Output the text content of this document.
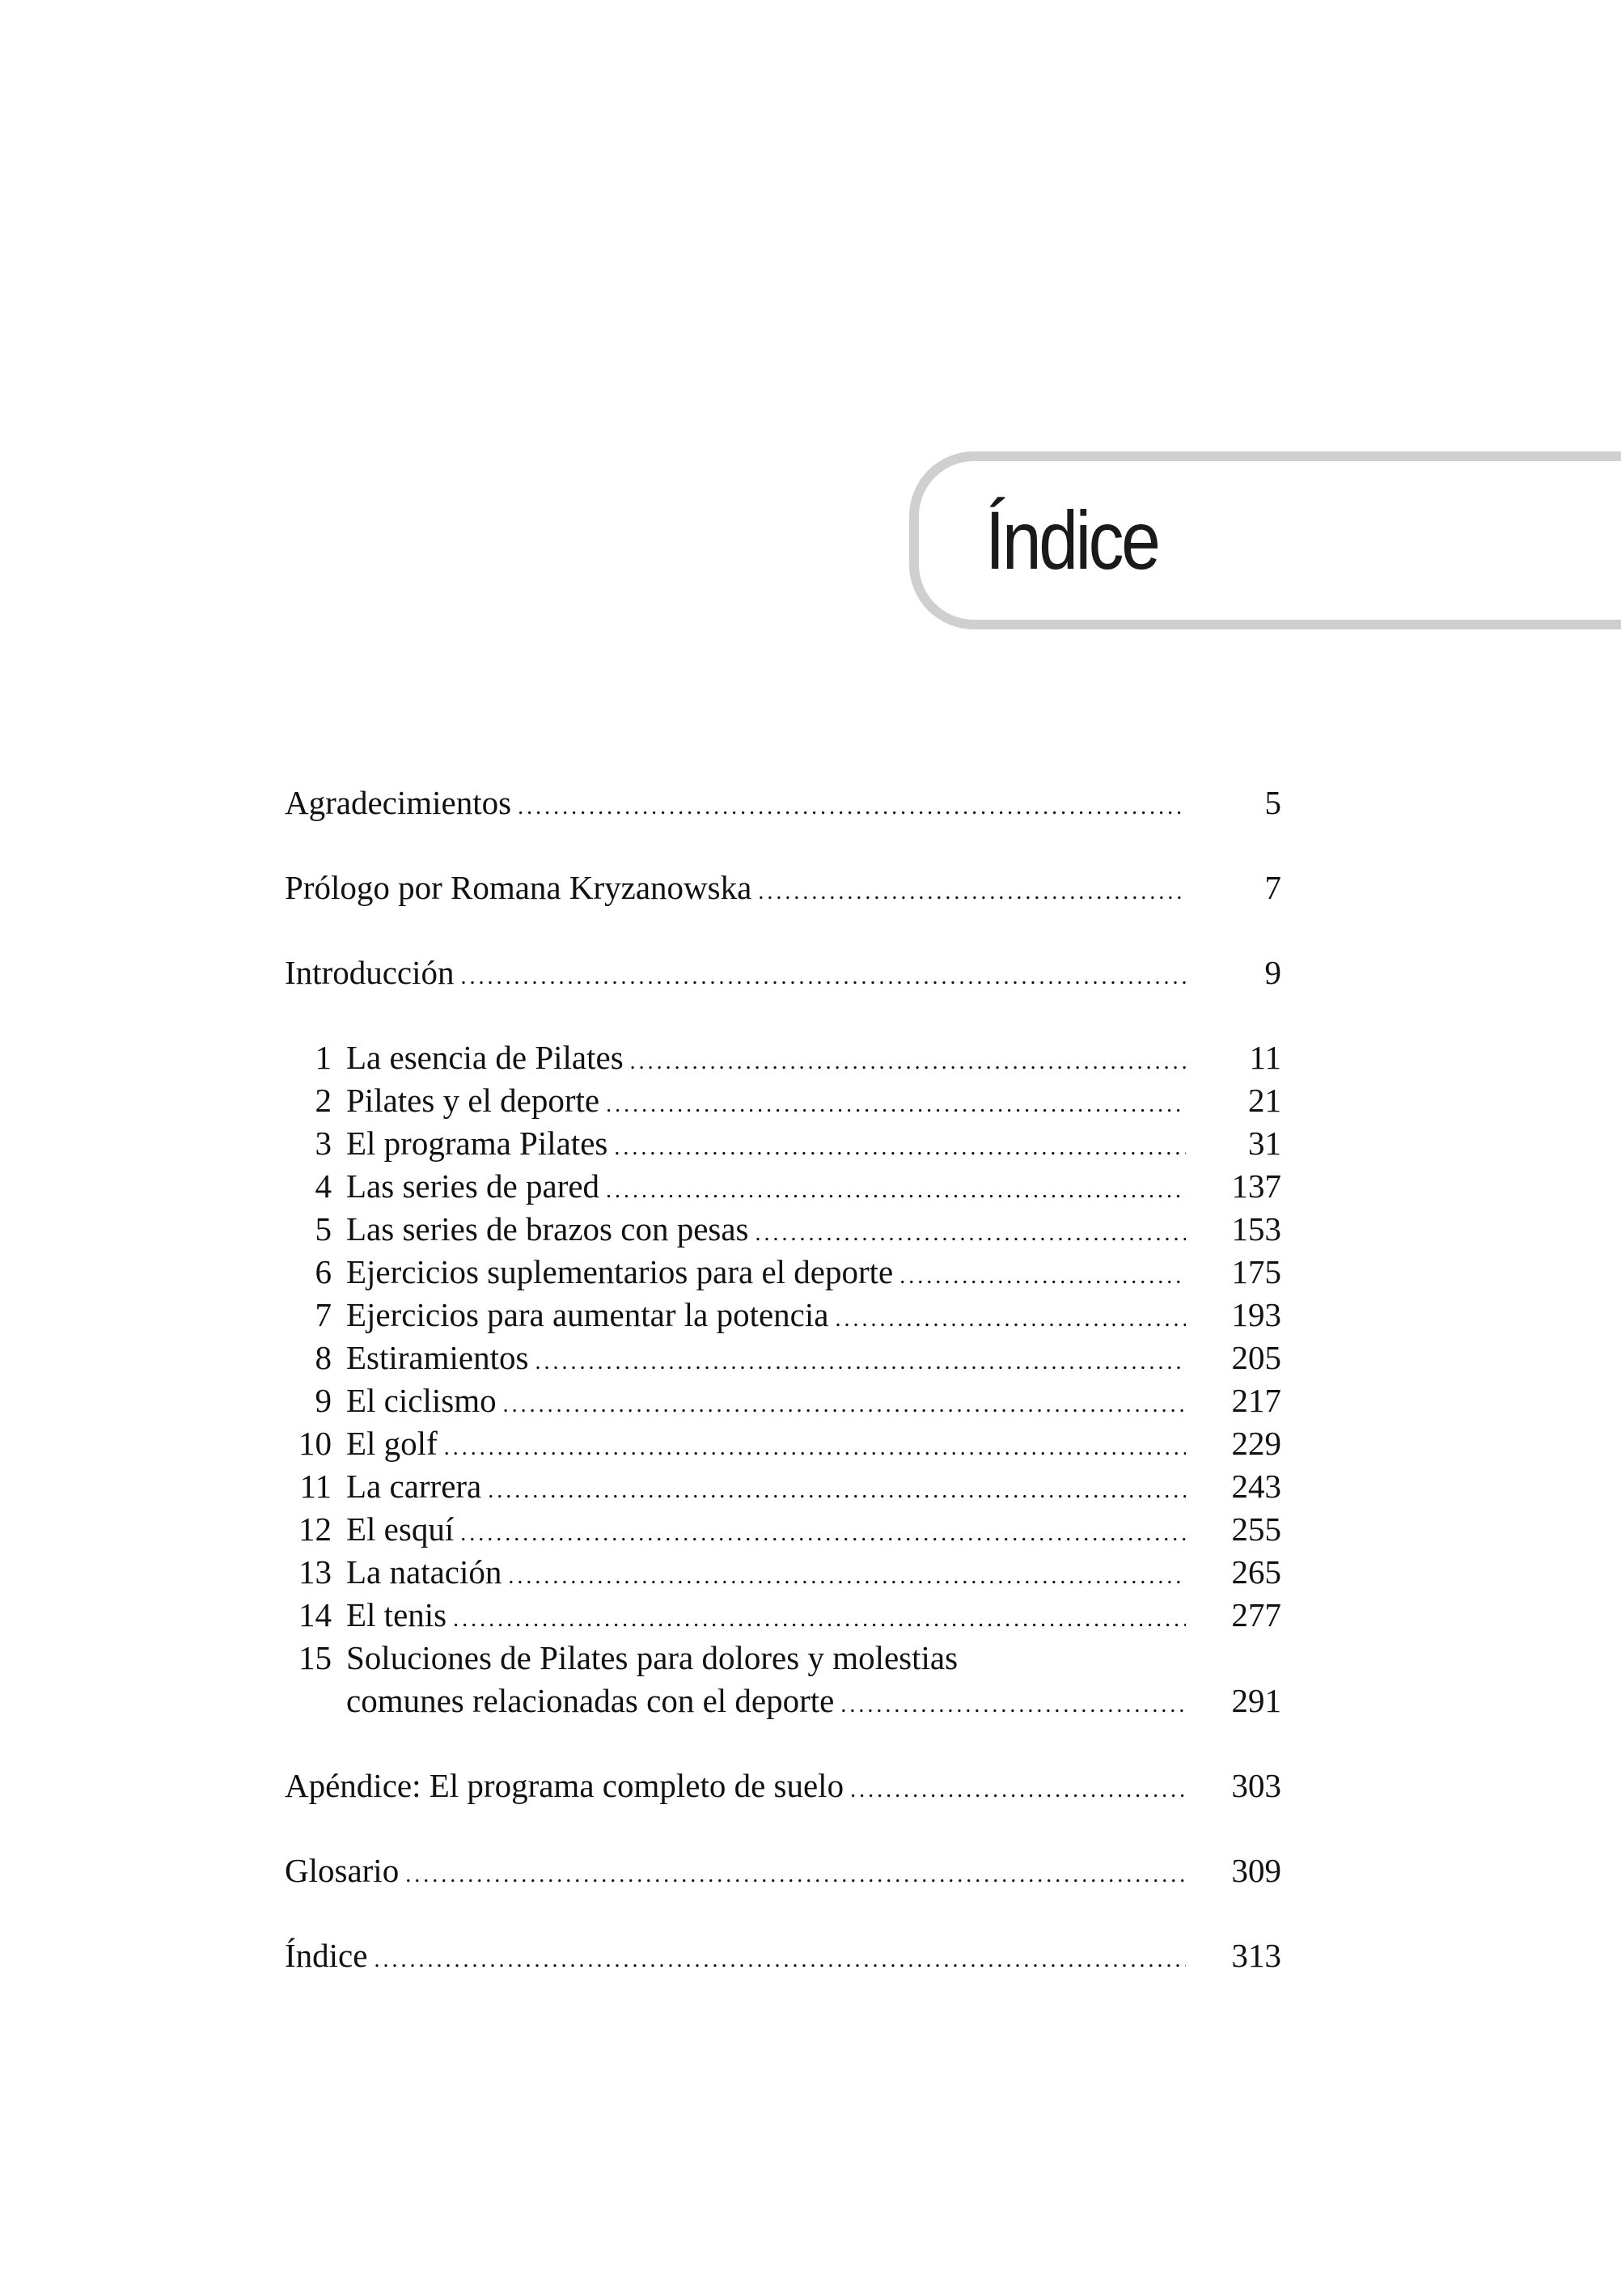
Índice
Agradecimientos .....	5
Prólogo por Romana Kryzanowska .....	7
Introducción .....	9
1 La esencia de Pilates .....	11
2 Pilates y el deporte .....	21
3 El programa Pilates .....	31
4 Las series de pared .....	137
5 Las series de brazos con pesas .....	153
6 Ejercicios suplementarios para el deporte .....	175
7 Ejercicios para aumentar la potencia .....	193
8 Estiramientos .....	205
9 El ciclismo .....	217
10 El golf .....	229
11 La carrera .....	243
12 El esquí .....	255
13 La natación .....	265
14 El tenis .....	277
15 Soluciones de Pilates para dolores y molestias
comunes relacionadas con el deporte .....	291
Apéndice: El programa completo de suelo .....	303
Glosario .....	309
Índice .....	313
